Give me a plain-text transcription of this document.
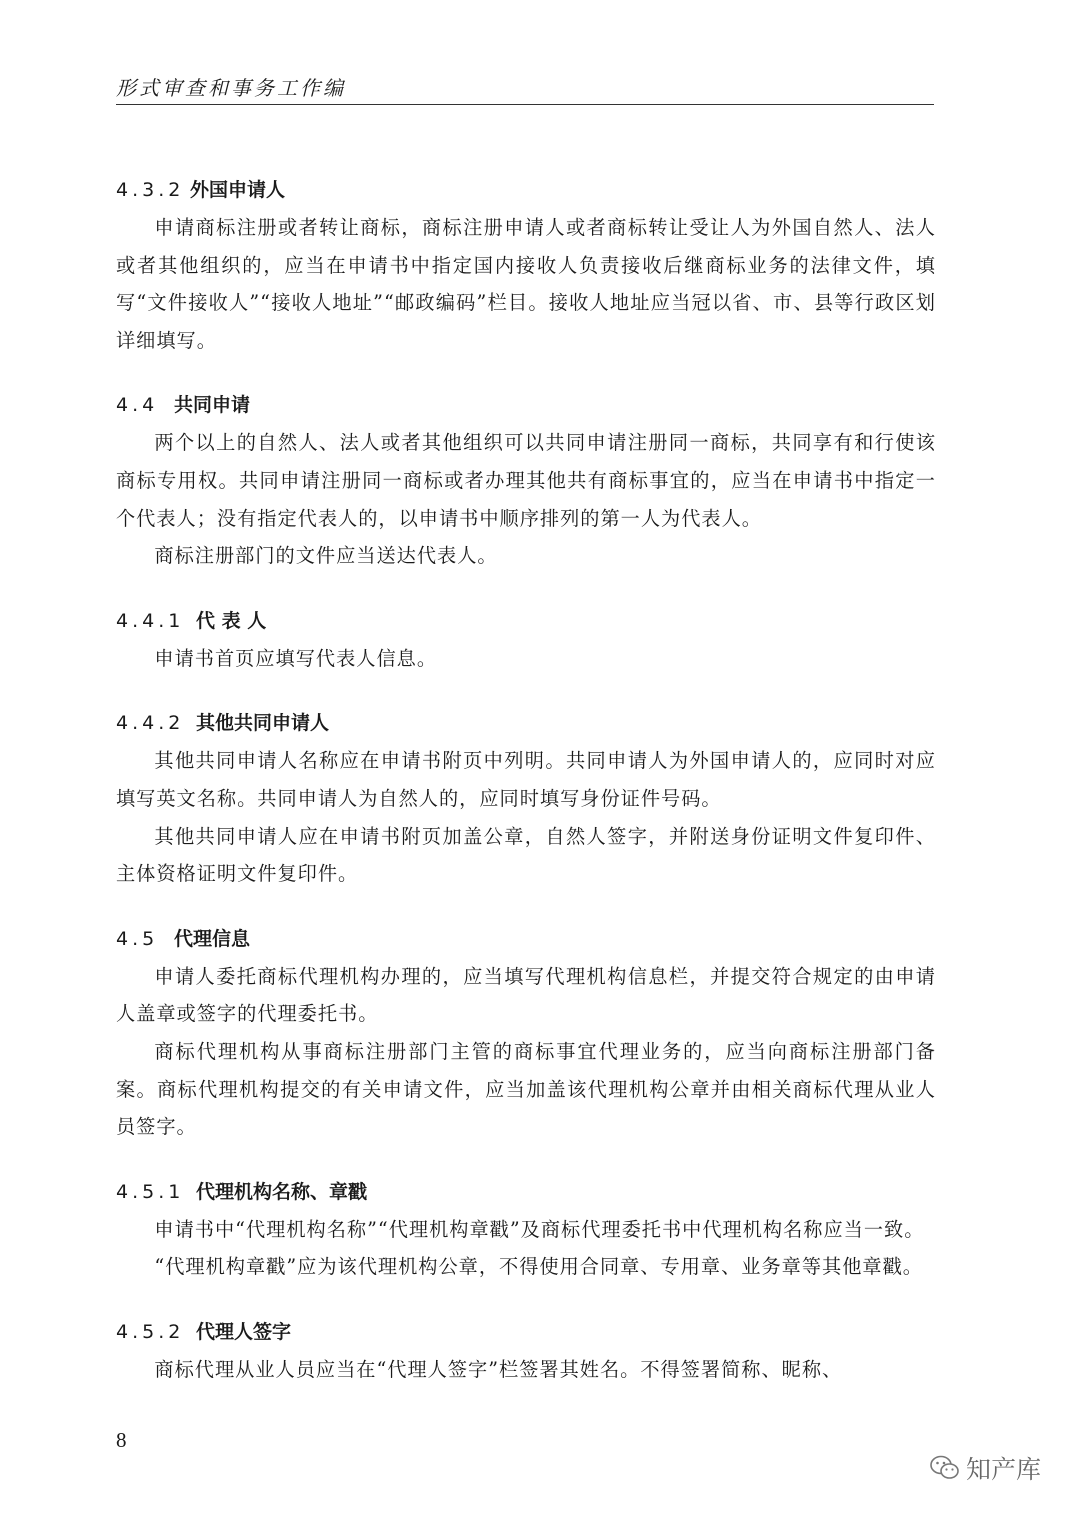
形式审查和事务工作编
4.3.2 外国申请人

申请商标注册或者转让商标，商标注册申请人或者商标转让受让人为外国自然人、法人或者其他组织的，应当在申请书中指定国内接收人负责接收后继商标业务的法律文件，填写“文件接收人”“接收人地址”“邮政编码”栏目。接收人地址应当冠以省、市、县等行政区划详细填写。

4.4 共同申请

两个以上的自然人、法人或者其他组织可以共同申请注册同一商标，共同享有和行使该商标专用权。共同申请注册同一商标或者办理其他共有商标事宜的，应当在申请书中指定一个代表人；没有指定代表人的，以申请书中顺序排列的第一人为代表人。

商标注册部门的文件应当送达代表人。

4.4.1 代 表 人

申请书首页应填写代表人信息。

4.4.2 其他共同申请人

其他共同申请人名称应在申请书附页中列明。共同申请人为外国申请人的，应同时对应填写英文名称。共同申请人为自然人的，应同时填写身份证件号码。

其他共同申请人应在申请书附页加盖公章，自然人签字，并附送身份证明文件复印件、主体资格证明文件复印件。

4.5 代理信息

申请人委托商标代理机构办理的，应当填写代理机构信息栏，并提交符合规定的由申请人盖章或签字的代理委托书。

商标代理机构从事商标注册部门主管的商标事宜代理业务的，应当向商标注册部门备案。商标代理机构提交的有关申请文件，应当加盖该代理机构公章并由相关商标代理从业人员签字。

4.5.1 代理机构名称、章戳

申请书中“代理机构名称”“代理机构章戳”及商标代理委托书中代理机构名称应当一致。

“代理机构章戳”应为该代理机构公章，不得使用合同章、专用章、业务章等其他章戳。

4.5.2 代理人签字

商标代理从业人员应当在“代理人签字”栏签署其姓名。不得签署简称、昵称、

8
知产库
